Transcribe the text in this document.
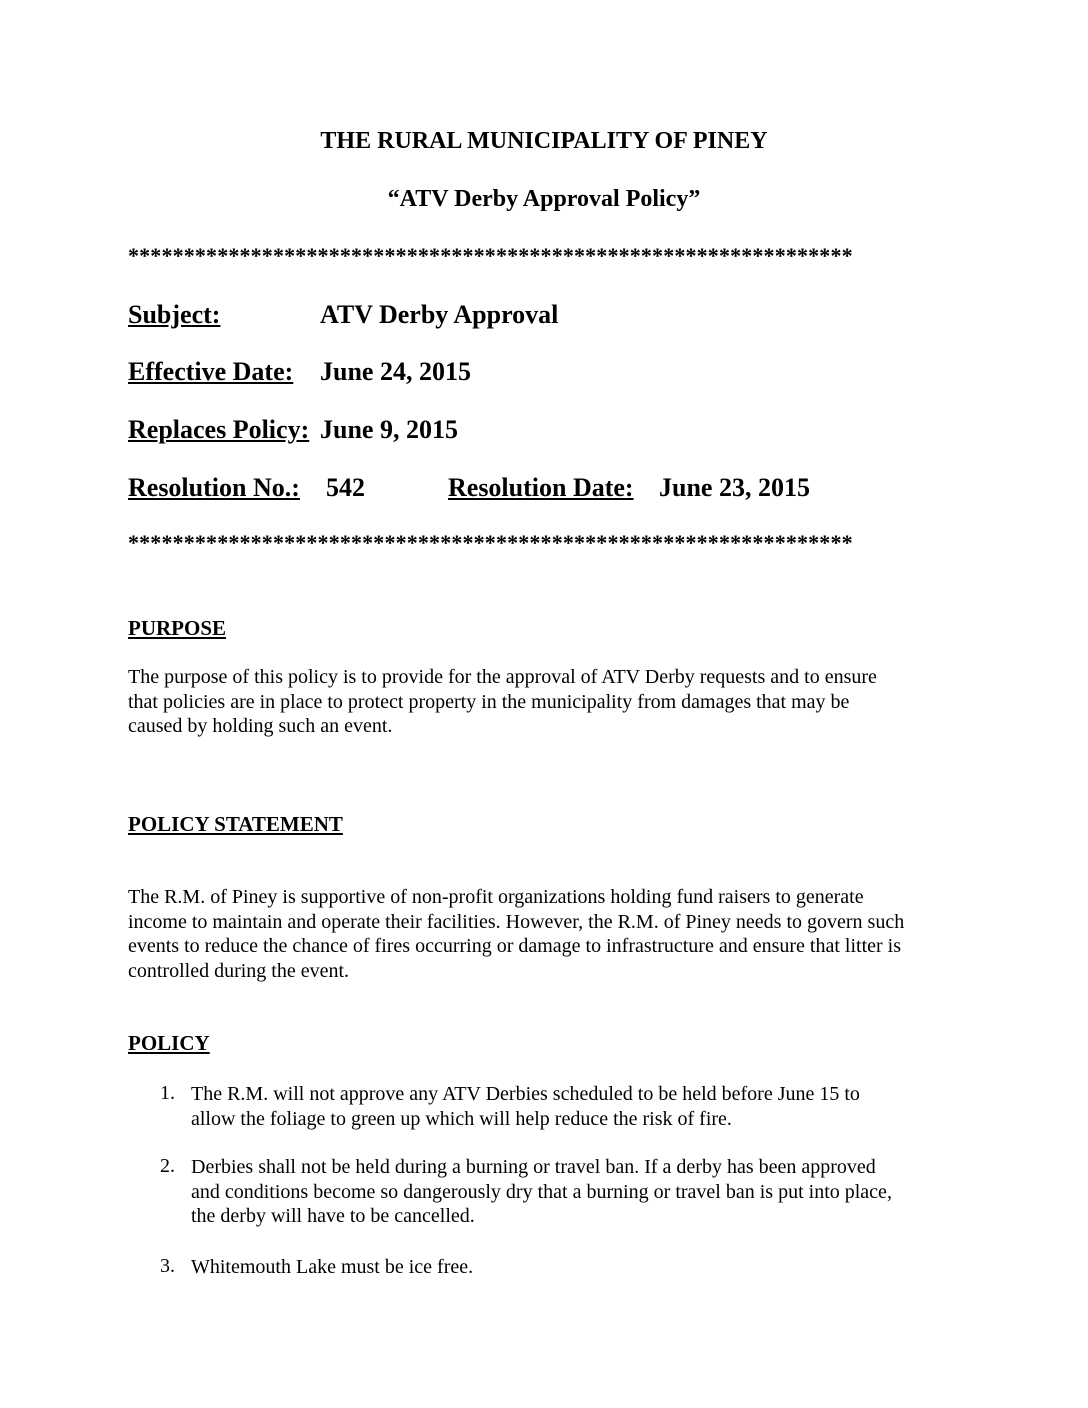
THE RURAL MUNICIPALITY OF PINEY
“ATV Derby Approval Policy”
*****************************************************************
Subject:	ATV Derby Approval
Effective Date: June 24, 2015
Replaces Policy: June 9, 2015
Resolution No.: 542	Resolution Date: June 23, 2015
*****************************************************************
PURPOSE
The purpose of this policy is to provide for the approval of ATV Derby requests and to ensure
that policies are in place to protect property in the municipality from damages that may be
caused by holding such an event.
POLICY STATEMENT
The R.M. of Piney is supportive of non-profit organizations holding fund raisers to generate
income to maintain and operate their facilities. However, the R.M. of Piney needs to govern such
events to reduce the chance of fires occurring or damage to infrastructure and ensure that litter is
controlled during the event.
POLICY
1. The R.M. will not approve any ATV Derbies scheduled to be held before June 15 to
allow the foliage to green up which will help reduce the risk of fire.
2. Derbies shall not be held during a burning or travel ban. If a derby has been approved
and conditions become so dangerously dry that a burning or travel ban is put into place,
the derby will have to be cancelled.
3. Whitemouth Lake must be ice free.
